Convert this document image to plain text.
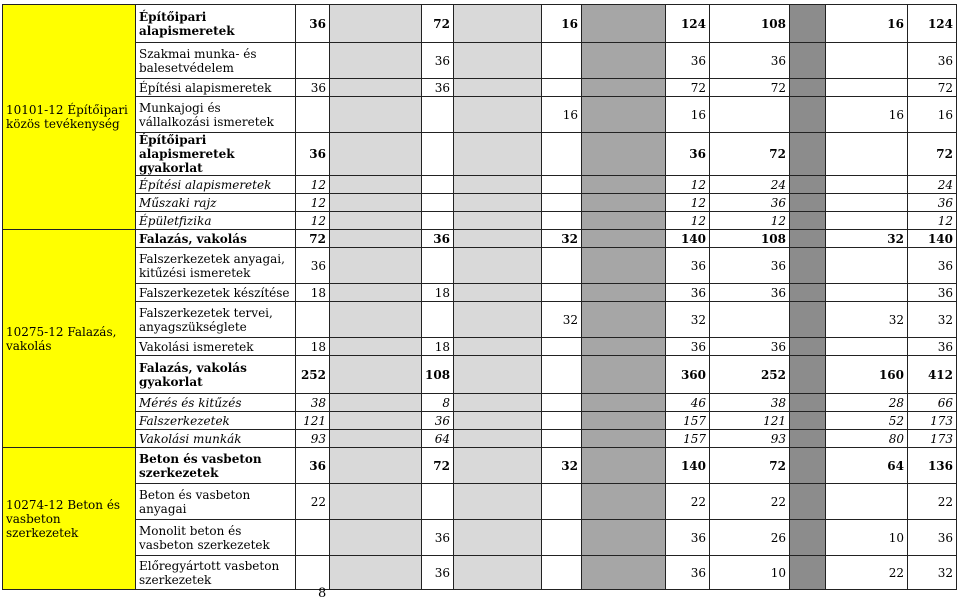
10101-12 Építőipari közös tevékenység	Építőipari alapismeretek	36		72		16		124	108		16	124
	Szakmai munka- és balesetvédelem			36				36	36			36
	Építési alapismeretek	36		36				72	72			72
	Munkajogi és vállalkozási ismeretek					16		16			16	16
	Építőipari alapismeretek gyakorlat	36						36	72			72
	Építési alapismeretek	12						12	24			24
	Műszaki rajz	12						12	36			36
	Épületfizika	12						12	12			12
10275-12 Falazás, vakolás	Falazás, vakolás	72		36		32		140	108		32	140
	Falszerkezetek anyagai, kitűzési ismeretek	36						36	36			36
	Falszerkezetek készítése	18		18				36	36			36
	Falszerkezetek tervei, anyagszükséglete					32		32			32	32
	Vakolási ismeretek	18		18				36	36			36
	Falazás, vakolás gyakorlat	252		108				360	252		160	412
	Mérés és kitűzés	38		8				46	38		28	66
	Falszerkezetek	121		36				157	121		52	173
	Vakolási munkák	93		64				157	93		80	173
10274-12 Beton és vasbeton szerkezetek	Beton és vasbeton szerkezetek	36		72		32		140	72		64	136
	Beton és vasbeton anyagai	22						22	22			22
	Monolit beton és vasbeton szerkezetek			36				36	26		10	36
	Előregyártott vasbeton szerkezetek			36				36	10		22	32
8
